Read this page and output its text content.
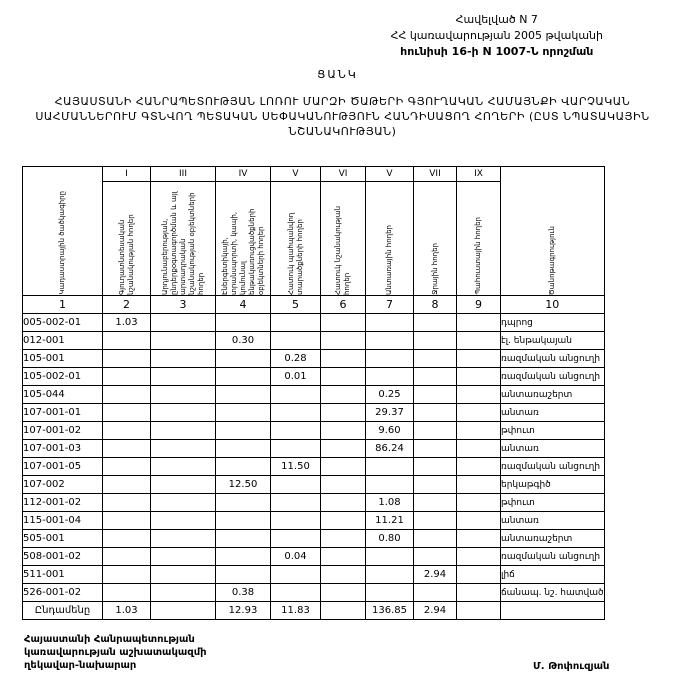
Հավելված N 7
ՀՀ կառավարության 2005 թվականի
հունիսի 16-ի N 1007-Ն որոշման
ՑԱՆԿ
ՀԱՅԱՍՏԱՆԻ ՀԱՆՐԱՊԵՏՈՒԹՅԱՆ ԼՈՌՈՒ ՄԱՐԶԻ ԾԱԹԵՐԻ ԳՅՈՒՂԱԿԱՆ ՀԱՄԱՅՆՔԻ ՎԱՐՉԱԿԱՆ ՍԱՀՄԱՆՆԵՐՈՒՄ ԳՏՆՎՈՂ ՊԵՏԱԿԱՆ ՍԵՓԱԿԱՆՈՒԹՅՈՒՆ ՀԱՆԴԻՍԱՑՈՂ ՀՈՂԵՐԻ (ԸՍՏ ՆՊԱՏԱԿԱՅԻՆ ՆՇԱՆԱԿՈՒԹՅԱՆ)
Կադաստրային ծածկագիրը	I	III	IV	V	VI	V	VII	IX	Ծանոթագրություն

	Գյուղատնտեսական նշանակության հողեր	Արդյունաբերության, ընդերքօգտագործման և այլ արտադրական նշանակության օբյեկտների հողեր	Էներգետիկայի, տրանսպորտի, կապի, կոմունալ ենթակառուցվածքների օբյեկտների հողեր	Հատուկ պահպանվող տարածքների հողեր	Հատուկ նշանակության հողեր	Անտառային հողեր	Ջրային հողեր	Պահուստային հողեր	

1	2	3	4	5	6	7	8	9	10
005-002-01	1.03								դպրոց
012-001			0.30						էլ. ենթակայան
105-001				0.28					ռազմական անցուղի
105-002-01				0.01					ռազմական անցուղի
105-044						0.25			անտառաշերտ
107-001-01						29.37			անտառ
107-001-02						9.60			թփուտ
107-001-03						86.24			անտառ
107-001-05				11.50					ռազմական անցուղի
107-002			12.50						երկաթգիծ
112-001-02						1.08			թփուտ
115-001-04						11.21			անտառ
505-001						0.80			անտառաշերտ
508-001-02				0.04					ռազմական անցուղի
511-001							2.94		լիճ
526-001-02			0.38						ճանապ. նշ. հատված
Ընդամենը	1.03		12.93	11.83		136.85	2.94		
Հայաստանի Հանրապետության
կառավարության աշխատակազմի
ղեկավար-նախարար	Մ. Թոփուզյան
